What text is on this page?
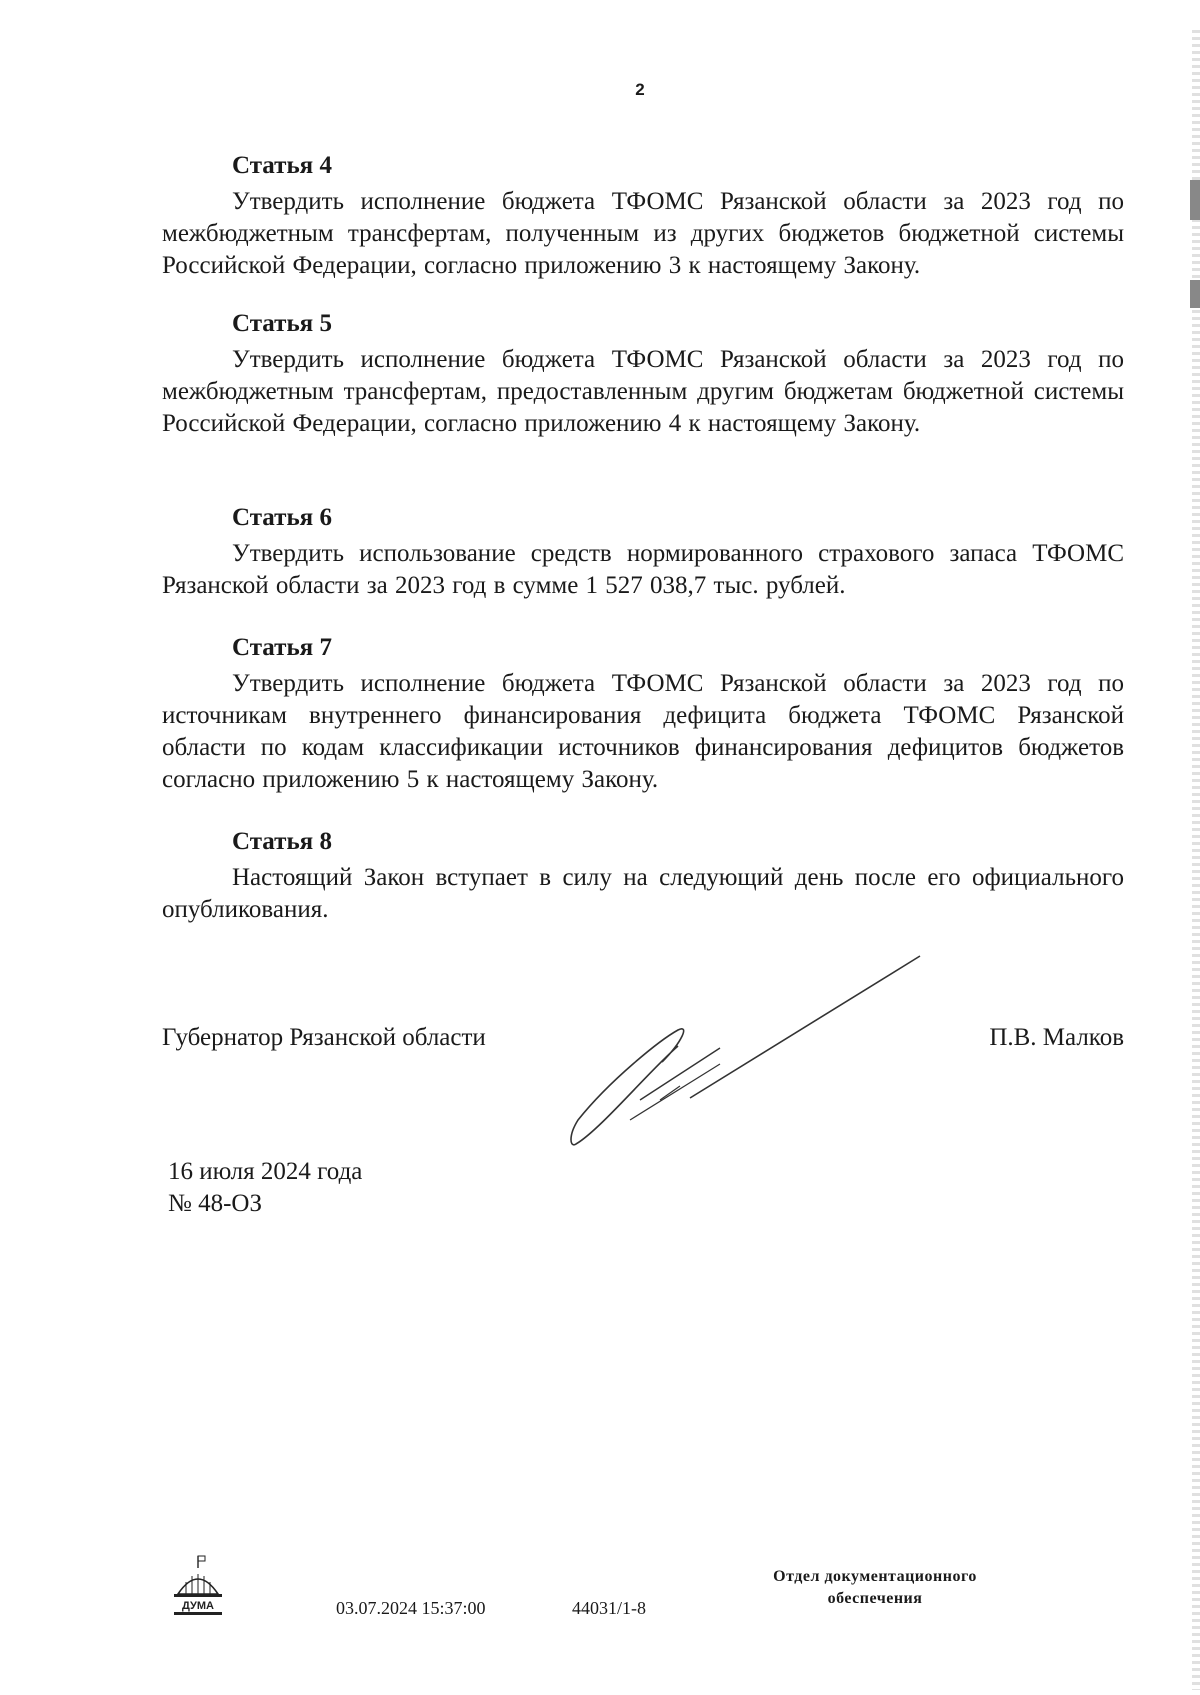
2

Статья 4

Утвердить исполнение бюджета ТФОМС Рязанской области за 2023 год по межбюджетным трансфертам, полученным из других бюджетов бюджетной системы Российской Федерации, согласно приложению 3 к настоящему Закону.

Статья 5

Утвердить исполнение бюджета ТФОМС Рязанской области за 2023 год по межбюджетным трансфертам, предоставленным другим бюджетам бюджетной системы Российской Федерации, согласно приложению 4 к настоящему Закону.

Статья 6

Утвердить использование средств нормированного страхового запаса ТФОМС Рязанской области за 2023 год в сумме 1 527 038,7 тыс. рублей.

Статья 7

Утвердить исполнение бюджета ТФОМС Рязанской области за 2023 год по источникам внутреннего финансирования дефицита бюджета ТФОМС Рязанской области по кодам классификации источников финансирования дефицитов бюджетов согласно приложению 5 к настоящему Закону.

Статья 8

Настоящий Закон вступает в силу на следующий день после его официального опубликования.

Губернатор Рязанской области	П.В. Малков
16 июля 2024 года
№ 48-ОЗ
ДУМА	03.07.2024 15:37:00	44031/1-8
Отдел документационного
обеспечения
